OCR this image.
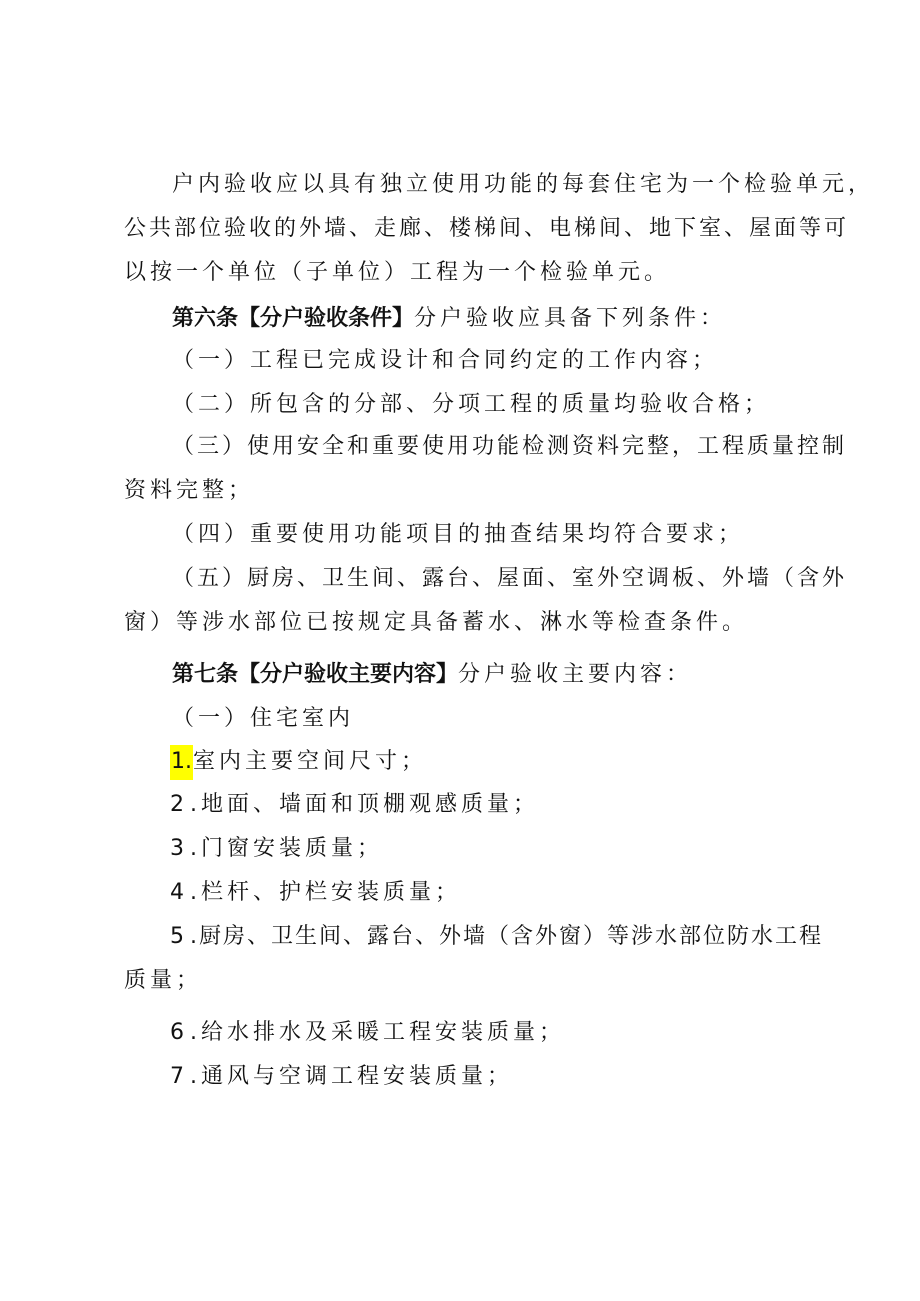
户内验收应以具有独立使用功能的每套住宅为一个检验单元，
公共部位验收的外墙、走廊、楼梯间、电梯间、地下室、屋面等可
以按一个单位（子单位）工程为一个检验单元。
第六条【分户验收条件】分户验收应具备下列条件：
（一）工程已完成设计和合同约定的工作内容；
（二）所包含的分部、分项工程的质量均验收合格；
（三）使用安全和重要使用功能检测资料完整，工程质量控制
资料完整；
（四）重要使用功能项目的抽查结果均符合要求；
（五）厨房、卫生间、露台、屋面、室外空调板、外墙（含外
窗）等涉水部位已按规定具备蓄水、淋水等检查条件。
第七条【分户验收主要内容】分户验收主要内容：
（一）住宅室内
1.室内主要空间尺寸；
2.地面、墙面和顶棚观感质量；
3.门窗安装质量；
4.栏杆、护栏安装质量；
5.厨房、卫生间、露台、外墙（含外窗）等涉水部位防水工程
质量；
6.给水排水及采暖工程安装质量；
7.通风与空调工程安装质量；
